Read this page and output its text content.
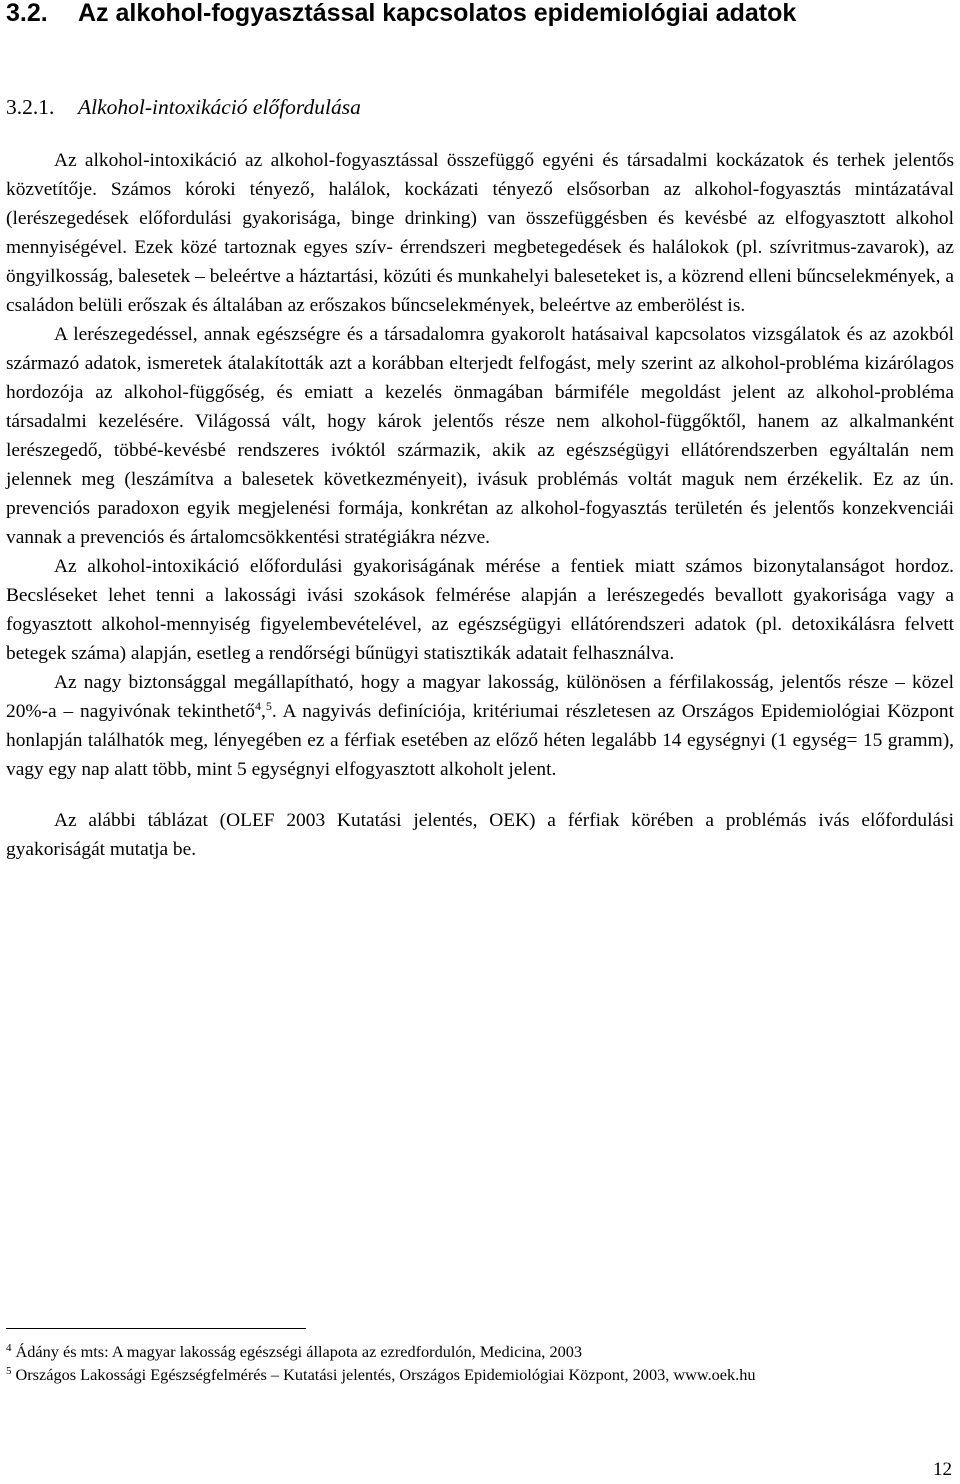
3.2. Az alkohol-fogyasztással kapcsolatos epidemiológiai adatok
3.2.1. Alkohol-intoxikáció előfordulása

Az alkohol-intoxikáció az alkohol-fogyasztással összefüggő egyéni és társadalmi kockázatok és terhek jelentős közvetítője. Számos kóroki tényező, halálok, kockázati tényező elsősorban az alkohol-fogyasztás mintázatával (lerészegedések előfordulási gyakorisága, binge drinking) van összefüggésben és kevésbé az elfogyasztott alkohol mennyiségével. Ezek közé tartoznak egyes szív- érrendszeri megbetegedések és halálokok (pl. szívritmus-zavarok), az öngyilkosság, balesetek – beleértve a háztartási, közúti és munkahelyi baleseteket is, a közrend elleni bűncselekmények, a családon belüli erőszak és általában az erőszakos bűncselekmények, beleértve az emberölést is.

A lerészegedéssel, annak egészségre és a társadalomra gyakorolt hatásaival kapcsolatos vizsgálatok és az azokból származó adatok, ismeretek átalakították azt a korábban elterjedt felfogást, mely szerint az alkohol-probléma kizárólagos hordozója az alkohol-függőség, és emiatt a kezelés önmagában bármiféle megoldást jelent az alkohol-probléma társadalmi kezelésére. Világossá vált, hogy károk jelentős része nem alkohol-függőktől, hanem az alkalmanként lerészegedő, többé-kevésbé rendszeres ivóktól származik, akik az egészségügyi ellátórendszerben egyáltalán nem jelennek meg (leszámítva a balesetek következményeit), ivásuk problémás voltát maguk nem érzékelik. Ez az ún. prevenciós paradoxon egyik megjelenési formája, konkrétan az alkohol-fogyasztás területén és jelentős konzekvenciái vannak a prevenciós és ártalomcsökkentési stratégiákra nézve.

Az alkohol-intoxikáció előfordulási gyakoriságának mérése a fentiek miatt számos bizonytalanságot hordoz. Becsléseket lehet tenni a lakossági ivási szokások felmérése alapján a lerészegedés bevallott gyakorisága vagy a fogyasztott alkohol-mennyiség figyelembevételével, az egészségügyi ellátórendszeri adatok (pl. detoxikálásra felvett betegek száma) alapján, esetleg a rendőrségi bűnügyi statisztikák adatait felhasználva.

Az nagy biztonsággal megállapítható, hogy a magyar lakosság, különösen a férfilakosság, jelentős része – közel 20%-a – nagyivónak tekinthető$^4$,$^5$. A nagyivás definíciója, kritériumai részletesen az Országos Epidemiológiai Központ honlapján találhatók meg, lényegében ez a férfiak esetében az előző héten legalább 14 egységnyi (1 egység= 15 gramm), vagy egy nap alatt több, mint 5 egységnyi elfogyasztott alkoholt jelent.

Az alábbi táblázat (OLEF 2003 Kutatási jelentés, OEK) a férfiak körében a problémás ivás előfordulási gyakoriságát mutatja be.

$^4$ Ádány és mts: A magyar lakosság egészségi állapota az ezredfordulón, Medicina, 2003

$^5$ Országos Lakossági Egészségfelmérés – Kutatási jelentés, Országos Epidemiológiai Központ, 2003, www.oek.hu

12
